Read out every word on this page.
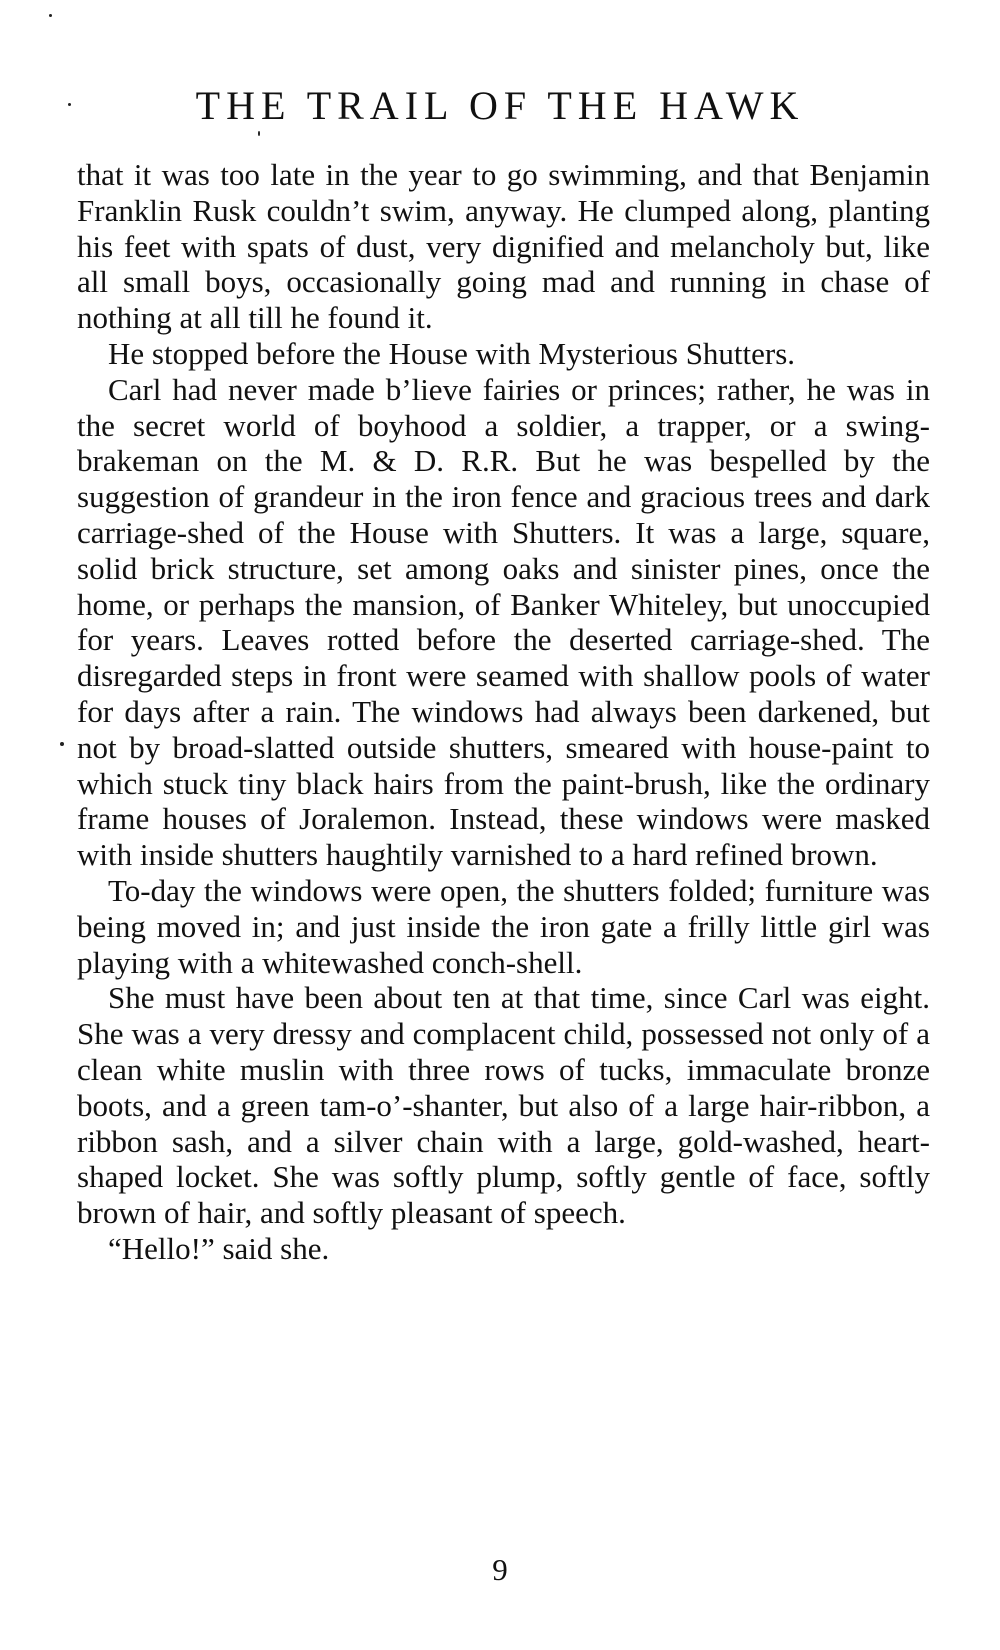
THE TRAIL OF THE HAWK

that it was too late in the year to go swimming, and that Benjamin Franklin Rusk couldn’t swim, anyway. He clumped along, planting his feet with spats of dust, very dignified and melancholy but, like all small boys, occasionally going mad and running in chase of nothing at all till he found it.

He stopped before the House with Mysterious Shutters.

Carl had never made b’lieve fairies or princes; rather, he was in the secret world of boyhood a soldier, a trapper, or a swing-brakeman on the M. & D. R.R. But he was bespelled by the suggestion of grandeur in the iron fence and gracious trees and dark carriage-shed of the House with Shutters. It was a large, square, solid brick structure, set among oaks and sinister pines, once the home, or perhaps the mansion, of Banker Whiteley, but unoccupied for years. Leaves rotted before the deserted carriage-shed. The disregarded steps in front were seamed with shallow pools of water for days after a rain. The windows had always been darkened, but not by broad-slatted outside shutters, smeared with house-paint to which stuck tiny black hairs from the paint-brush, like the ordinary frame houses of Joralemon. Instead, these windows were masked with inside shutters haughtily varnished to a hard refined brown.

To-day the windows were open, the shutters folded; furniture was being moved in; and just inside the iron gate a frilly little girl was playing with a whitewashed conch-shell.

She must have been about ten at that time, since Carl was eight. She was a very dressy and complacent child, possessed not only of a clean white muslin with three rows of tucks, immaculate bronze boots, and a green tam-o’-shanter, but also of a large hair-ribbon, a ribbon sash, and a silver chain with a large, gold-washed, heart-shaped locket. She was softly plump, softly gentle of face, softly brown of hair, and softly pleasant of speech.

“Hello!” said she.

9
